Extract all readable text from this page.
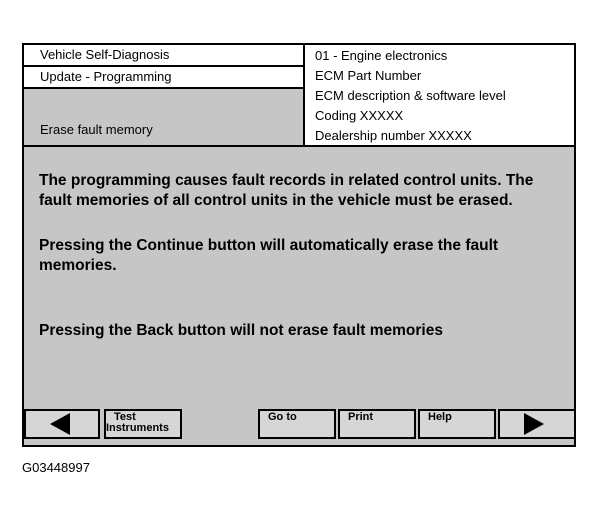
Vehicle Self-Diagnosis
Update - Programming
Erase fault memory
01 - Engine electronics
ECM Part Number
ECM description & software level
Coding XXXXX
Dealership number XXXXX
The programming causes fault records in related control units. The fault memories of all control units in the vehicle must be erased.
Pressing the Continue button will automatically erase the fault memories.
Pressing the Back button will not erase fault memories
Test
Instruments
Go to	Print	Help
G03448997
